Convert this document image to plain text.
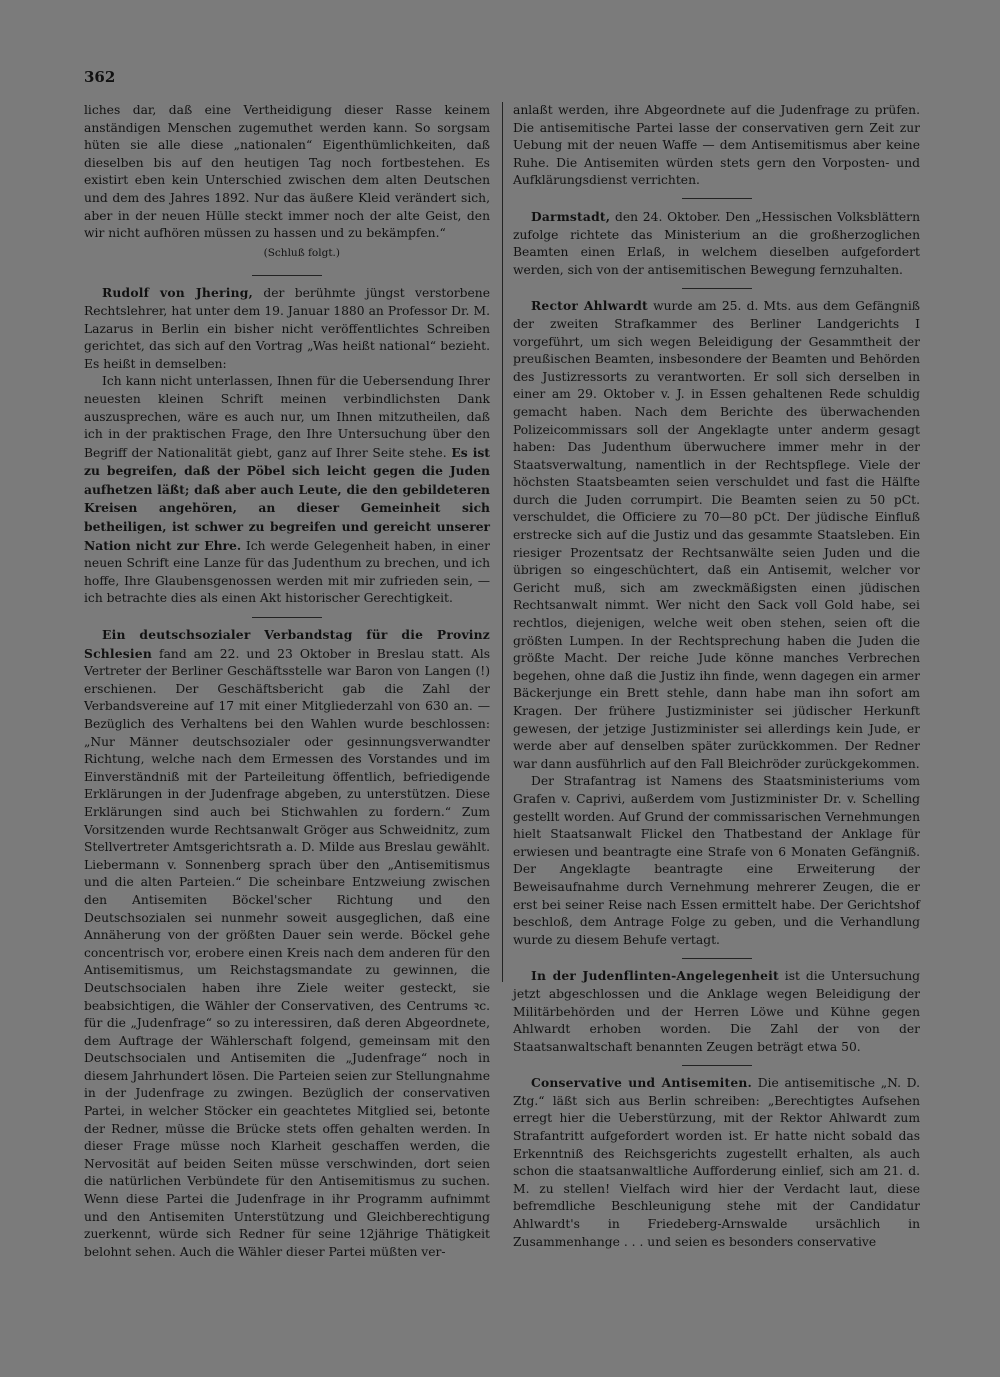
362

liches dar, daß eine Vertheidigung dieser Rasse keinem anständigen Menschen zugemuthet werden kann. So sorgsam hüten sie alle diese „nationalen“ Eigenthümlichkeiten, daß dieselben bis auf den heutigen Tag noch fortbestehen. Es existirt eben kein Unterschied zwischen dem alten Deutschen und dem des Jahres 1892. Nur das äußere Kleid verändert sich, aber in der neuen Hülle steckt immer noch der alte Geist, den wir nicht aufhören müssen zu hassen und zu bekämpfen.“

(Schluß folgt.)

Rudolf von Jhering, der berühmte jüngst verstorbene Rechtslehrer, hat unter dem 19. Januar 1880 an Professor Dr. M. Lazarus in Berlin ein bisher nicht veröffentlichtes Schreiben gerichtet, das sich auf den Vortrag „Was heißt national“ bezieht. Es heißt in demselben:

Ich kann nicht unterlassen, Ihnen für die Uebersendung Ihrer neuesten kleinen Schrift meinen verbindlichsten Dank auszusprechen, wäre es auch nur, um Ihnen mitzutheilen, daß ich in der praktischen Frage, den Ihre Untersuchung über den Begriff der Nationalität giebt, ganz auf Ihrer Seite stehe. Es ist zu begreifen, daß der Pöbel sich leicht gegen die Juden aufhetzen läßt; daß aber auch Leute, die den gebildeteren Kreisen angehören, an dieser Gemeinheit sich betheiligen, ist schwer zu begreifen und gereicht unserer Nation nicht zur Ehre. Ich werde Gelegenheit haben, in einer neuen Schrift eine Lanze für das Judenthum zu brechen, und ich hoffe, Ihre Glaubensgenossen werden mit mir zufrieden sein, — ich betrachte dies als einen Akt historischer Gerechtigkeit.

Ein deutschsozialer Verbandstag für die Provinz Schlesien fand am 22. und 23 Oktober in Breslau statt. Als Vertreter der Berliner Geschäftsstelle war Baron von Langen (!) erschienen. Der Geschäftsbericht gab die Zahl der Verbandsvereine auf 17 mit einer Mitgliederzahl von 630 an. — Bezüglich des Verhaltens bei den Wahlen wurde beschlossen: „Nur Männer deutschsozialer oder gesinnungsverwandter Richtung, welche nach dem Ermessen des Vorstandes und im Einverständniß mit der Parteileitung öffentlich, befriedigende Erklärungen in der Judenfrage abgeben, zu unterstützen. Diese Erklärungen sind auch bei Stichwahlen zu fordern.“ Zum Vorsitzenden wurde Rechtsanwalt Gröger aus Schweidnitz, zum Stellvertreter Amtsgerichtsrath a. D. Milde aus Breslau gewählt. Liebermann v. Sonnenberg sprach über den „Antisemitismus und die alten Parteien.“ Die scheinbare Entzweiung zwischen den Antisemiten Böckel'scher Richtung und den Deutschsozialen sei nunmehr soweit ausgeglichen, daß eine Annäherung von der größten Dauer sein werde. Böckel gehe concentrisch vor, erobere einen Kreis nach dem anderen für den Antisemitismus, um Reichstagsmandate zu gewinnen, die Deutschsocialen haben ihre Ziele weiter gesteckt, sie beabsichtigen, die Wähler der Conservativen, des Centrums ꝛc. für die „Judenfrage“ so zu interessiren, daß deren Abgeordnete, dem Auftrage der Wählerschaft folgend, gemeinsam mit den Deutschsocialen und Antisemiten die „Judenfrage“ noch in diesem Jahrhundert lösen. Die Parteien seien zur Stellungnahme in der Judenfrage zu zwingen. Bezüglich der conservativen Partei, in welcher Stöcker ein geachtetes Mitglied sei, betonte der Redner, müsse die Brücke stets offen gehalten werden. In dieser Frage müsse noch Klarheit geschaffen werden, die Nervosität auf beiden Seiten müsse verschwinden, dort seien die natürlichen Verbündete für den Antisemitismus zu suchen. Wenn diese Partei die Judenfrage in ihr Programm aufnimmt und den Antisemiten Unterstützung und Gleichberechtigung zuerkennt, würde sich Redner für seine 12jährige Thätigkeit belohnt sehen. Auch die Wähler dieser Partei müßten ver-

anlaßt werden, ihre Abgeordnete auf die Judenfrage zu prüfen. Die antisemitische Partei lasse der conservativen gern Zeit zur Uebung mit der neuen Waffe — dem Antisemitismus aber keine Ruhe. Die Antisemiten würden stets gern den Vorposten- und Aufklärungsdienst verrichten.

Darmstadt, den 24. Oktober. Den „Hessischen Volksblättern zufolge richtete das Ministerium an die großherzoglichen Beamten einen Erlaß, in welchem dieselben aufgefordert werden, sich von der antisemitischen Bewegung fernzuhalten.

Rector Ahlwardt wurde am 25. d. Mts. aus dem Gefängniß der zweiten Strafkammer des Berliner Landgerichts I vorgeführt, um sich wegen Beleidigung der Gesammtheit der preußischen Beamten, insbesondere der Beamten und Behörden des Justizressorts zu verantworten. Er soll sich derselben in einer am 29. Oktober v. J. in Essen gehaltenen Rede schuldig gemacht haben. Nach dem Berichte des überwachenden Polizeicommissars soll der Angeklagte unter anderm gesagt haben: Das Judenthum überwuchere immer mehr in der Staatsverwaltung, namentlich in der Rechtspflege. Viele der höchsten Staatsbeamten seien verschuldet und fast die Hälfte durch die Juden corrumpirt. Die Beamten seien zu 50 pCt. verschuldet, die Officiere zu 70—80 pCt. Der jüdische Einfluß erstrecke sich auf die Justiz und das gesammte Staatsleben. Ein riesiger Prozentsatz der Rechtsanwälte seien Juden und die übrigen so eingeschüchtert, daß ein Antisemit, welcher vor Gericht muß, sich am zweckmäßigsten einen jüdischen Rechtsanwalt nimmt. Wer nicht den Sack voll Gold habe, sei rechtlos, diejenigen, welche weit oben stehen, seien oft die größten Lumpen. In der Rechtsprechung haben die Juden die größte Macht. Der reiche Jude könne manches Verbrechen begehen, ohne daß die Justiz ihn finde, wenn dagegen ein armer Bäckerjunge ein Brett stehle, dann habe man ihn sofort am Kragen. Der frühere Justizminister sei jüdischer Herkunft gewesen, der jetzige Justizminister sei allerdings kein Jude, er werde aber auf denselben später zurückkommen. Der Redner war dann ausführlich auf den Fall Bleichröder zurückgekommen.

Der Strafantrag ist Namens des Staatsministeriums vom Grafen v. Caprivi, außerdem vom Justizminister Dr. v. Schelling gestellt worden. Auf Grund der commissarischen Vernehmungen hielt Staatsanwalt Flickel den Thatbestand der Anklage für erwiesen und beantragte eine Strafe von 6 Monaten Gefängniß. Der Angeklagte beantragte eine Erweiterung der Beweisaufnahme durch Vernehmung mehrerer Zeugen, die er erst bei seiner Reise nach Essen ermittelt habe. Der Gerichtshof beschloß, dem Antrage Folge zu geben, und die Verhandlung wurde zu diesem Behufe vertagt.

In der Judenflinten-Angelegenheit ist die Untersuchung jetzt abgeschlossen und die Anklage wegen Beleidigung der Militärbehörden und der Herren Löwe und Kühne gegen Ahlwardt erhoben worden. Die Zahl der von der Staatsanwaltschaft benannten Zeugen beträgt etwa 50.

Conservative und Antisemiten. Die antisemitische „N. D. Ztg.“ läßt sich aus Berlin schreiben: „Berechtigtes Aufsehen erregt hier die Ueberstürzung, mit der Rektor Ahlwardt zum Strafantritt aufgefordert worden ist. Er hatte nicht sobald das Erkenntniß des Reichsgerichts zugestellt erhalten, als auch schon die staatsanwaltliche Aufforderung einlief, sich am 21. d. M. zu stellen! Vielfach wird hier der Verdacht laut, diese befremdliche Beschleunigung stehe mit der Candidatur Ahlwardt's in Friedeberg-Arnswalde ursächlich in Zusammenhange . . . und seien es besonders conservative
